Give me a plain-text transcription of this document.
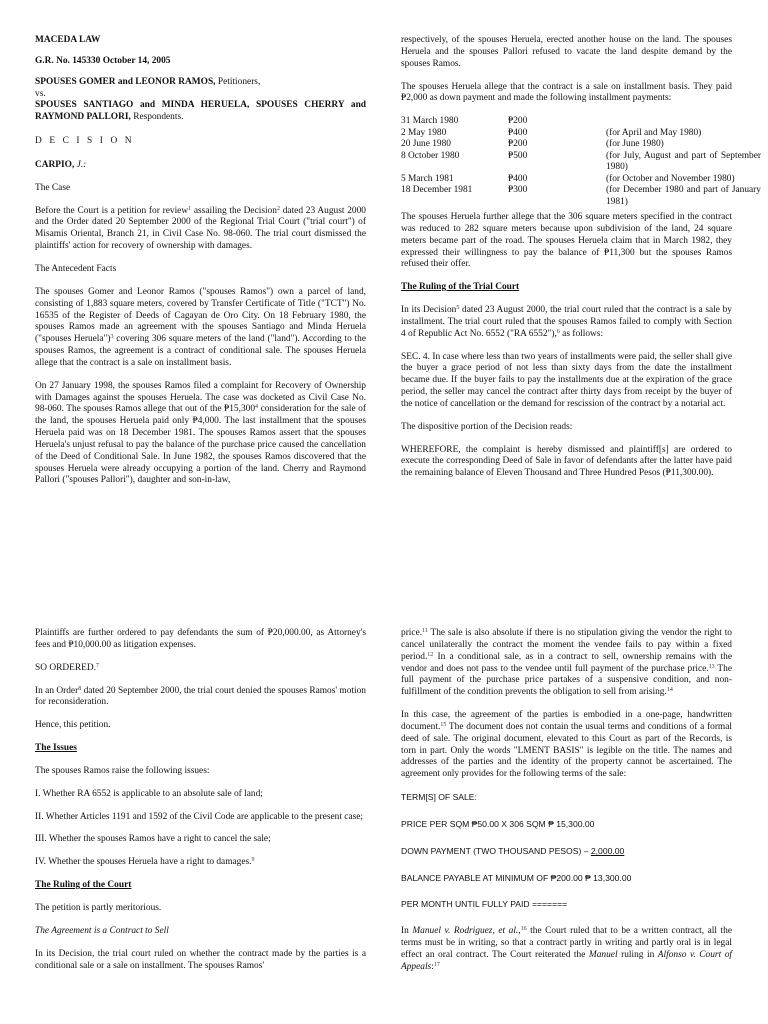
MACEDA LAW

G.R. No. 145330 October 14, 2005

SPOUSES GOMER and LEONOR RAMOS, Petitioners,

vs.

SPOUSES SANTIAGO and MINDA HERUELA, SPOUSES CHERRY and RAYMOND PALLORI, Respondents.

D E C I S I O N

CARPIO, J.:

The Case

Before the Court is a petition for review$^1$ assailing the Decision$^2$ dated 23 August 2000 and the Order dated 20 September 2000 of the Regional Trial Court ("trial court") of Misamis Oriental, Branch 21, in Civil Case No. 98-060. The trial court dismissed the plaintiffs' action for recovery of ownership with damages.

The Antecedent Facts

The spouses Gomer and Leonor Ramos ("spouses Ramos") own a parcel of land, consisting of 1,883 square meters, covered by Transfer Certificate of Title ("TCT") No. 16535 of the Register of Deeds of Cagayan de Oro City. On 18 February 1980, the spouses Ramos made an agreement with the spouses Santiago and Minda Heruela ("spouses Heruela")$^3$ covering 306 square meters of the land ("land"). According to the spouses Ramos, the agreement is a contract of conditional sale. The spouses Heruela allege that the contract is a sale on installment basis.

On 27 January 1998, the spouses Ramos filed a complaint for Recovery of Ownership with Damages against the spouses Heruela. The case was docketed as Civil Case No. 98-060. The spouses Ramos allege that out of the ₱15,300$^4$ consideration for the sale of the land, the spouses Heruela paid only ₱4,000. The last installment that the spouses Heruela paid was on 18 December 1981. The spouses Ramos assert that the spouses Heruela's unjust refusal to pay the balance of the purchase price caused the cancellation of the Deed of Conditional Sale. In June 1982, the spouses Ramos discovered that the spouses Heruela were already occupying a portion of the land. Cherry and Raymond Pallori ("spouses Pallori"), daughter and son-in-law,

respectively, of the spouses Heruela, erected another house on the land. The spouses Heruela and the spouses Pallori refused to vacate the land despite demand by the spouses Ramos.

The spouses Heruela allege that the contract is a sale on installment basis. They paid ₱2,000 as down payment and made the following installment payments:

31 March 1980	₱200	
2 May 1980	₱400	(for April and May 1980)
20 June 1980	₱200	(for June 1980)
8 October 1980	₱500	(for July, August and part of September 1980)
5 March 1981	₱400	(for October and November 1980)
18 December 1981	₱300	(for December 1980 and part of January 1981)

The spouses Heruela further allege that the 306 square meters specified in the contract was reduced to 282 square meters because upon subdivision of the land, 24 square meters became part of the road. The spouses Heruela claim that in March 1982, they expressed their willingness to pay the balance of ₱11,300 but the spouses Ramos refused their offer.

The Ruling of the Trial Court

In its Decision$^5$ dated 23 August 2000, the trial court ruled that the contract is a sale by installment. The trial court ruled that the spouses Ramos failed to comply with Section 4 of Republic Act No. 6552 ("RA 6552"),$^6$ as follows:

SEC. 4. In case where less than two years of installments were paid, the seller shall give the buyer a grace period of not less than sixty days from the date the installment became due. If the buyer fails to pay the installments due at the expiration of the grace period, the seller may cancel the contract after thirty days from receipt by the buyer of the notice of cancellation or the demand for rescission of the contract by a notarial act.

The dispositive portion of the Decision reads:

WHEREFORE, the complaint is hereby dismissed and plaintiff[s] are ordered to execute the corresponding Deed of Sale in favor of defendants after the latter have paid the remaining balance of Eleven Thousand and Three Hundred Pesos (₱11,300.00).

Plaintiffs are further ordered to pay defendants the sum of ₱20,000.00, as Attorney's fees and ₱10,000.00 as litigation expenses.

SO ORDERED.$^7$

In an Order$^8$ dated 20 September 2000, the trial court denied the spouses Ramos' motion for reconsideration.

Hence, this petition.

The Issues

The spouses Ramos raise the following issues:

I. Whether RA 6552 is applicable to an absolute sale of land;

II. Whether Articles 1191 and 1592 of the Civil Code are applicable to the present case;

III. Whether the spouses Ramos have a right to cancel the sale;

IV. Whether the spouses Heruela have a right to damages.$^9$

The Ruling of the Court

The petition is partly meritorious.

The Agreement is a Contract to Sell

In its Decision, the trial court ruled on whether the contract made by the parties is a conditional sale or a sale on installment. The spouses Ramos'

price.$^{11}$ The sale is also absolute if there is no stipulation giving the vendor the right to cancel unilaterally the contract the moment the vendee fails to pay within a fixed period.$^{12}$ In a conditional sale, as in a contract to sell, ownership remains with the vendor and does not pass to the vendee until full payment of the purchase price.$^{13}$ The full payment of the purchase price partakes of a suspensive condition, and non-fulfillment of the condition prevents the obligation to sell from arising.$^{14}$

In this case, the agreement of the parties is embodied in a one-page, handwritten document.$^{15}$ The document does not contain the usual terms and conditions of a formal deed of sale. The original document, elevated to this Court as part of the Records, is torn in part. Only the words "LMENT BASIS" is legible on the title. The names and addresses of the parties and the identity of the property cannot be ascertained. The agreement only provides for the following terms of the sale:

TERM[S] OF SALE:

PRICE PER SQM ₱50.00 X 306 SQM ₱ 15,300.00

DOWN PAYMENT (TWO THOUSAND PESOS) – 2,000.00

BALANCE PAYABLE AT MINIMUM OF ₱200.00 ₱ 13,300.00

PER MONTH UNTIL FULLY PAID =======

In Manuel v. Rodriguez, et al.,$^{16}$ the Court ruled that to be a written contract, all the terms must be in writing, so that a contract partly in writing and partly oral is in legal effect an oral contract. The Court reiterated the Manuel ruling in Alfonso v. Court of Appeals:$^{17}$
